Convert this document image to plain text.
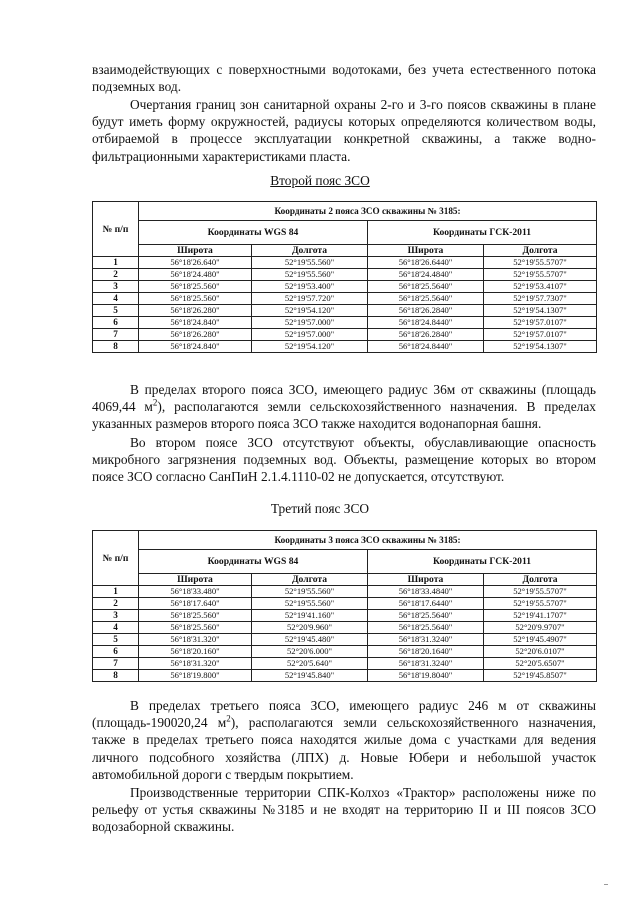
взаимодействующих с поверхностными водотоками, без учета естественного потока подземных вод.

Очертания границ зон санитарной охраны 2-го и 3-го поясов скважины в плане будут иметь форму окружностей, радиусы которых определяются количеством воды, отбираемой в процессе эксплуатации конкретной скважины, а также водно-фильтрационными характеристиками пласта.

Второй пояс ЗСО
№ п/п	Координаты 2 пояса ЗСО скважины № 3185:			
	Координаты WGS 84		Координаты ГСК-2011	
	Широта	Долгота	Широта	Долгота
1	56°18'26.640"	52°19'55.560"	56°18'26.6440"	52°19'55.5707"
2	56°18'24.480"	52°19'55.560"	56°18'24.4840"	52°19'55.5707"
3	56°18'25.560"	52°19'53.400"	56°18'25.5640"	52°19'53.4107"
4	56°18'25.560"	52°19'57.720"	56°18'25.5640"	52°19'57.7307"
5	56°18'26.280"	52°19'54.120"	56°18'26.2840"	52°19'54.1307"
6	56°18'24.840"	52°19'57.000"	56°18'24.8440"	52°19'57.0107"
7	56°18'26.280"	52°19'57.000"	56°18'26.2840"	52°19'57.0107"
8	56°18'24.840"	52°19'54.120"	56°18'24.8440"	52°19'54.1307"

В пределах второго пояса ЗСО, имеющего радиус 36м от скважины (площадь 4069,44 $м^2$), располагаются земли сельскохозяйственного назначения. В пределах указанных размеров второго пояса ЗСО также находится водонапорная башня.

Во втором поясе ЗСО отсутствуют объекты, обуславливающие опасность микробного загрязнения подземных вод. Объекты, размещение которых во втором поясе ЗСО согласно СанПиН 2.1.4.1110-02 не допускается, отсутствуют.

Третий пояс ЗСО
№ п/п	Координаты 3 пояса ЗСО скважины № 3185:			
	Координаты WGS 84		Координаты ГСК-2011	
	Широта	Долгота	Широта	Долгота
1	56°18'33.480"	52°19'55.560"	56°18'33.4840"	52°19'55.5707"
2	56°18'17.640"	52°19'55.560"	56°18'17.6440"	52°19'55.5707"
3	56°18'25.560"	52°19'41.160"	56°18'25.5640"	52°19'41.1707"
4	56°18'25.560"	52°20'9.960"	56°18'25.5640"	52°20'9.9707"
5	56°18'31.320"	52°19'45.480"	56°18'31.3240"	52°19'45.4907"
6	56°18'20.160"	52°20'6.000"	56°18'20.1640"	52°20'6.0107"
7	56°18'31.320"	52°20'5.640"	56°18'31.3240"	52°20'5.6507"
8	56°18'19.800"	52°19'45.840"	56°18'19.8040"	52°19'45.8507"

В пределах третьего пояса ЗСО, имеющего радиус 246 м от скважины (площадь-190020,24 $м^2$), располагаются земли сельскохозяйственного назначения, также в пределах третьего пояса находятся жилые дома с участками для ведения личного подсобного хозяйства (ЛПХ) д. Новые Юбери и небольшой участок автомобильной дороги с твердым покрытием.

Производственные территории СПК-Колхоз «Трактор» расположены ниже по рельефу от устья скважины №3185 и не входят на территорию II и III поясов ЗСО водозаборной скважины.
